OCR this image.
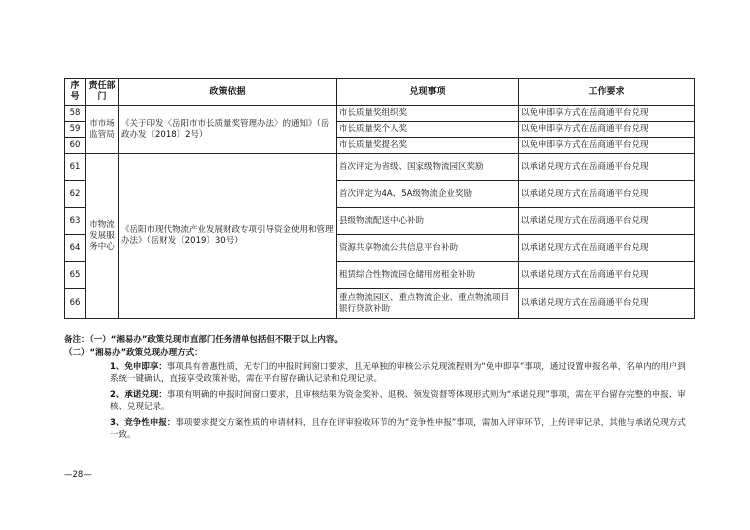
序号	责任部门	政策依据	兑现事项	工作要求
58	市市场监管局	《关于印发〈岳阳市市长质量奖管理办法〉的通知》（岳政办发〔2018〕2号）	市长质量奖组织奖	以免申即享方式在岳商通平台兑现
59			市长质量奖个人奖	以免申即享方式在岳商通平台兑现
60			市长质量奖提名奖	以免申即享方式在岳商通平台兑现
61	市物流发展服务中心	《岳阳市现代物流产业发展财政专项引导资金使用和管理办法》（岳财发〔2019〕30号）	首次评定为省级、国家级物流园区奖励	以承诺兑现方式在岳商通平台兑现
62			首次评定为4A、5A级物流企业奖励	以承诺兑现方式在岳商通平台兑现
63			县级物流配送中心补助	以承诺兑现方式在岳商通平台兑现
64			资源共享物流公共信息平台补助	以承诺兑现方式在岳商通平台兑现
65			租赁综合性物流园仓储用房租金补助	以承诺兑现方式在岳商通平台兑现
66			重点物流园区、重点物流企业、重点物流项目银行贷款补助	以承诺兑现方式在岳商通平台兑现
备注：（一）“湘易办”政策兑现市直部门任务清单包括但不限于以上内容。
（二）“湘易办”政策兑现办理方式：
1、免申即享：事项具有普惠性质，无专门的申报时间窗口要求，且无单独的审核公示兑现流程则为“免申即享”事项，通过设置申报名单，名单内的用户到系统一键确认，直接享受政策补贴，需在平台留存确认记录和兑现记录。
2、承诺兑现：事项有明确的申报时间窗口要求，且审核结果为资金奖补、退税、领发资督等体现形式则为“承诺兑现”事项，需在平台留存完整的申报、审核、兑现记录。
3、竞争性申报：事项要求提交方案性质的申请材料，且存在评审验收环节的为“竞争性申报”事项，需加入评审环节，上传评审记录，其他与承诺兑现方式一致。
—28—
